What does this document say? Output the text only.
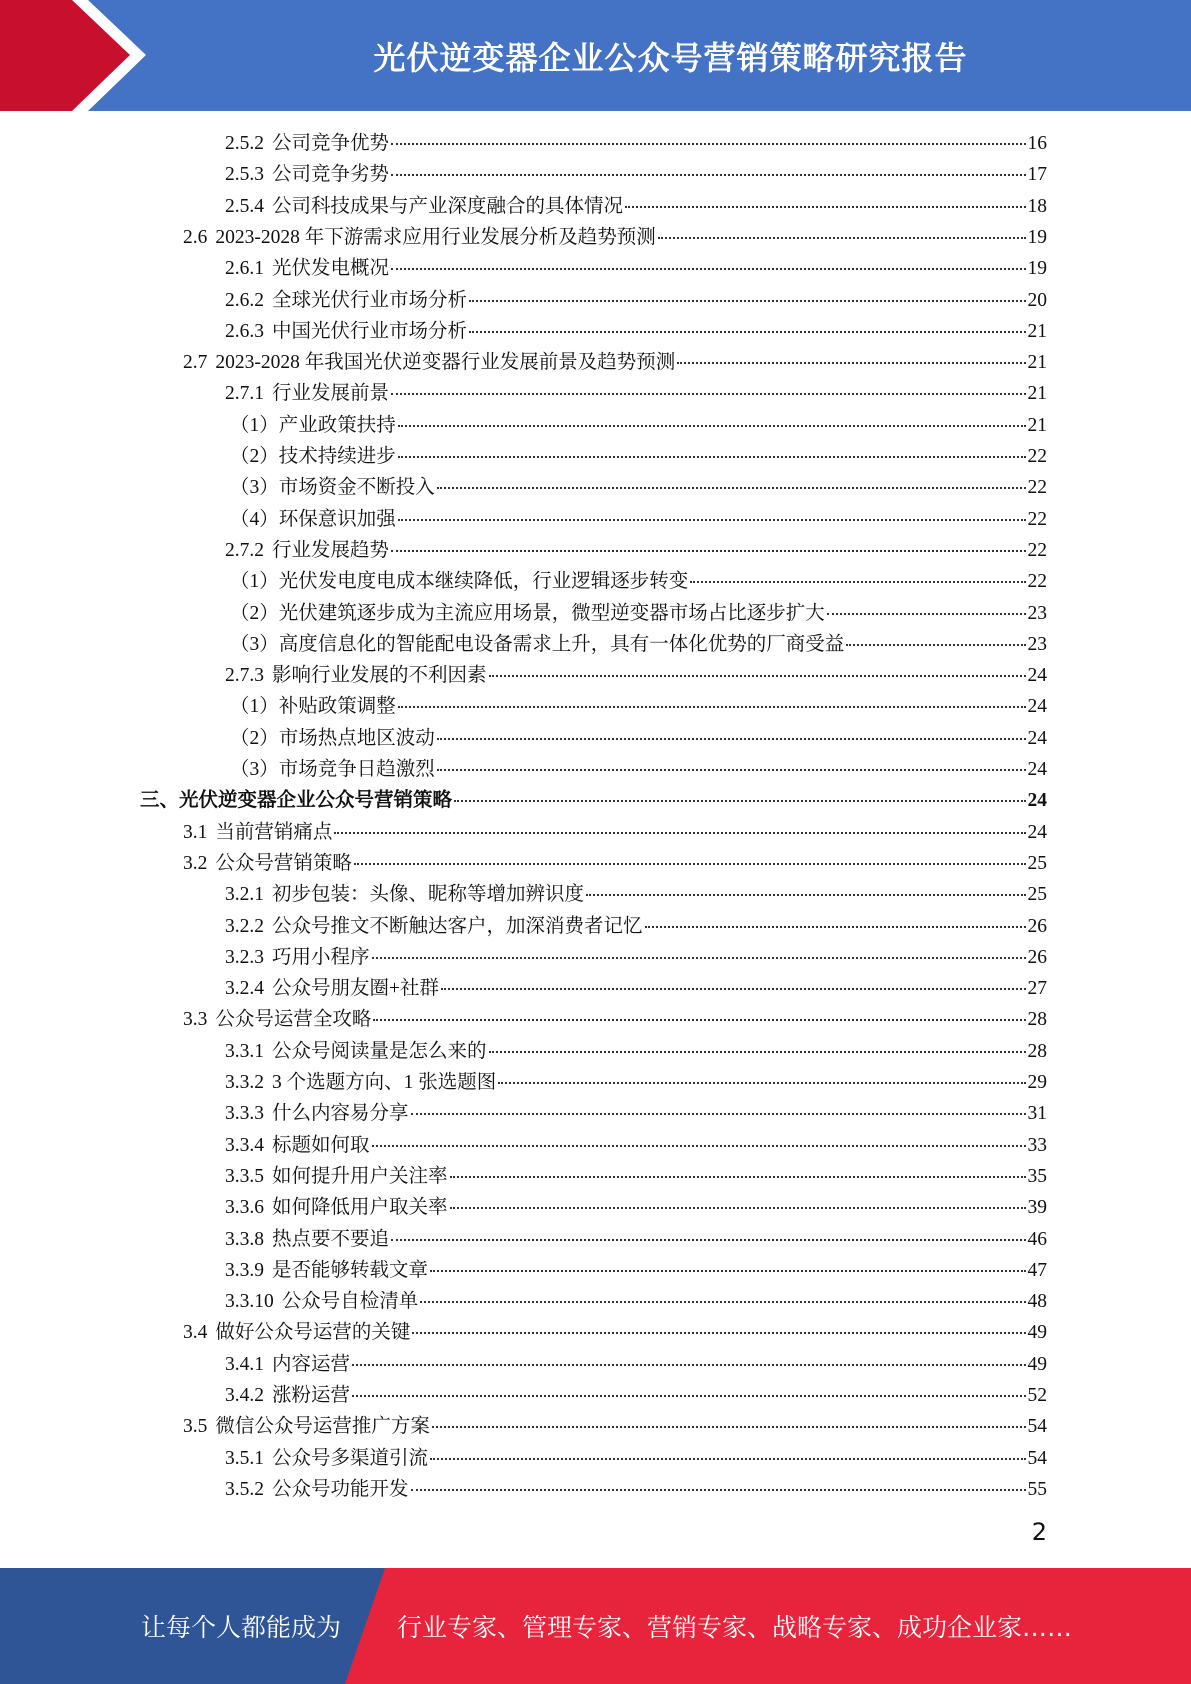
光伏逆变器企业公众号营销策略研究报告
2.5.2 公司竞争优势	16
2.5.3 公司竞争劣势	17
2.5.4 公司科技成果与产业深度融合的具体情况	18
2.6 2023-2028 年下游需求应用行业发展分析及趋势预测	19
2.6.1 光伏发电概况	19
2.6.2 全球光伏行业市场分析	20
2.6.3 中国光伏行业市场分析	21
2.7 2023-2028 年我国光伏逆变器行业发展前景及趋势预测	21
2.7.1 行业发展前景	21
（1）产业政策扶持	21
（2）技术持续进步	22
（3）市场资金不断投入	22
（4）环保意识加强	22
2.7.2 行业发展趋势	22
（1）光伏发电度电成本继续降低，行业逻辑逐步转变	22
（2）光伏建筑逐步成为主流应用场景，微型逆变器市场占比逐步扩大	23
（3）高度信息化的智能配电设备需求上升，具有一体化优势的厂商受益	23
2.7.3 影响行业发展的不利因素	24
（1）补贴政策调整	24
（2）市场热点地区波动	24
（3）市场竞争日趋激烈	24
三、光伏逆变器企业公众号营销策略	24
3.1 当前营销痛点	24
3.2 公众号营销策略	25
3.2.1 初步包装：头像、昵称等增加辨识度	25
3.2.2 公众号推文不断触达客户，加深消费者记忆	26
3.2.3 巧用小程序	26
3.2.4 公众号朋友圈+社群	27
3.3 公众号运营全攻略	28
3.3.1 公众号阅读量是怎么来的	28
3.3.2 3 个选题方向、1 张选题图	29
3.3.3 什么内容易分享	31
3.3.4 标题如何取	33
3.3.5 如何提升用户关注率	35
3.3.6 如何降低用户取关率	39
3.3.8 热点要不要追	46
3.3.9 是否能够转载文章	47
3.3.10 公众号自检清单	48
3.4 做好公众号运营的关键	49
3.4.1 内容运营	49
3.4.2 涨粉运营	52
3.5 微信公众号运营推广方案	54
3.5.1 公众号多渠道引流	54
3.5.2 公众号功能开发	55
2
让每个人都能成为 行业专家、管理专家、营销专家、战略专家、成功企业家……
